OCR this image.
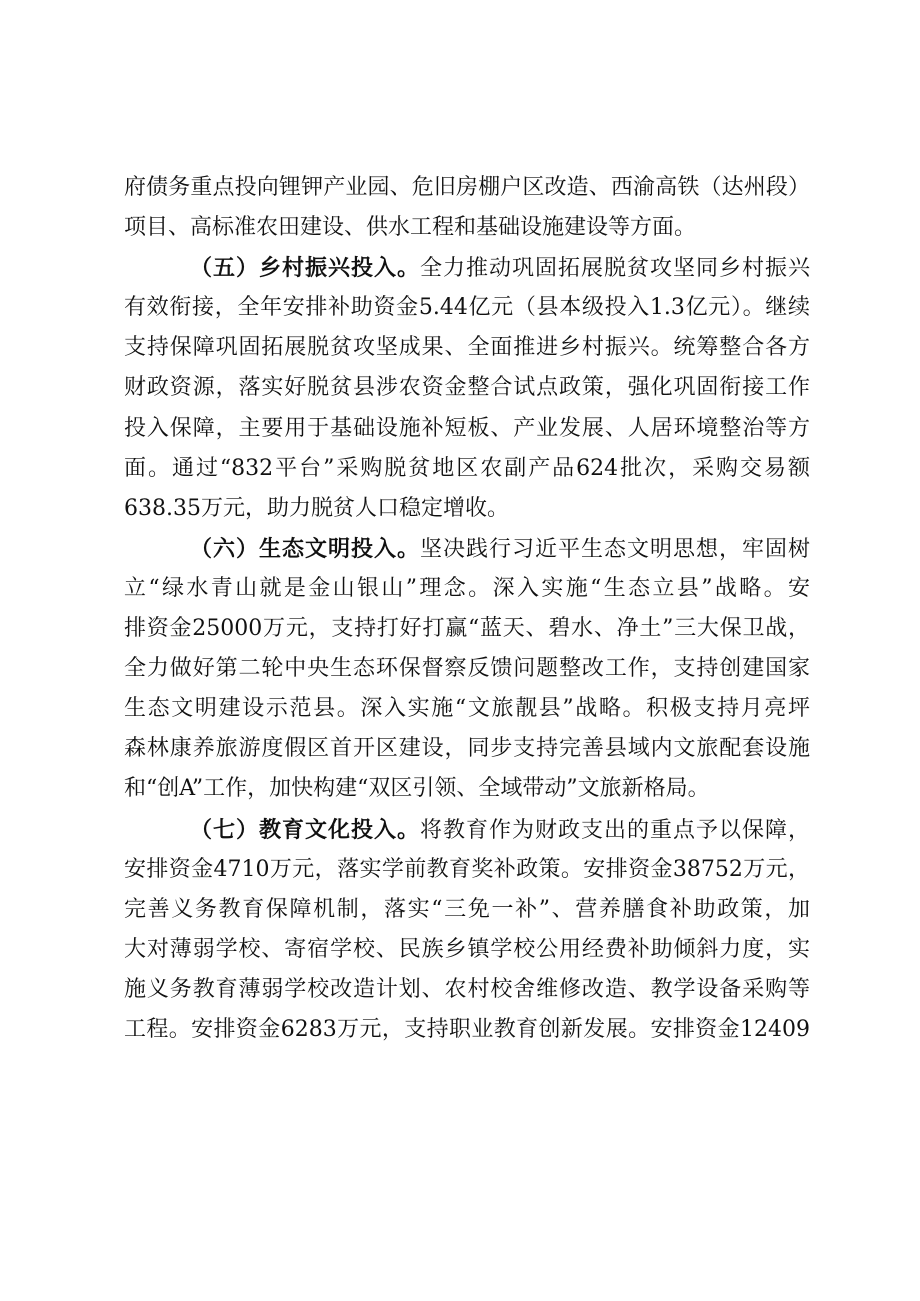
府债务重点投向锂钾产业园、危旧房棚户区改造、西渝高铁（达州段）
项目、高标准农田建设、供水工程和基础设施建设等方面。
（五）乡村振兴投入。全力推动巩固拓展脱贫攻坚同乡村振兴
有效衔接，全年安排补助资金5.44亿元（县本级投入1.3亿元）。继续
支持保障巩固拓展脱贫攻坚成果、全面推进乡村振兴。统筹整合各方
财政资源，落实好脱贫县涉农资金整合试点政策，强化巩固衔接工作
投入保障，主要用于基础设施补短板、产业发展、人居环境整治等方
面。通过“832平台”采购脱贫地区农副产品624批次，采购交易额
638.35万元，助力脱贫人口稳定增收。
（六）生态文明投入。坚决践行习近平生态文明思想，牢固树
立“绿水青山就是金山银山”理念。深入实施“生态立县”战略。安
排资金25000万元，支持打好打赢“蓝天、碧水、净土”三大保卫战，
全力做好第二轮中央生态环保督察反馈问题整改工作，支持创建国家
生态文明建设示范县。深入实施“文旅靓县”战略。积极支持月亮坪
森林康养旅游度假区首开区建设，同步支持完善县域内文旅配套设施
和“创A”工作，加快构建“双区引领、全域带动”文旅新格局。
（七）教育文化投入。将教育作为财政支出的重点予以保障，
安排资金4710万元，落实学前教育奖补政策。安排资金38752万元，
完善义务教育保障机制，落实“三免一补”、营养膳食补助政策，加
大对薄弱学校、寄宿学校、民族乡镇学校公用经费补助倾斜力度，实
施义务教育薄弱学校改造计划、农村校舍维修改造、教学设备采购等
工程。安排资金6283万元，支持职业教育创新发展。安排资金12409
